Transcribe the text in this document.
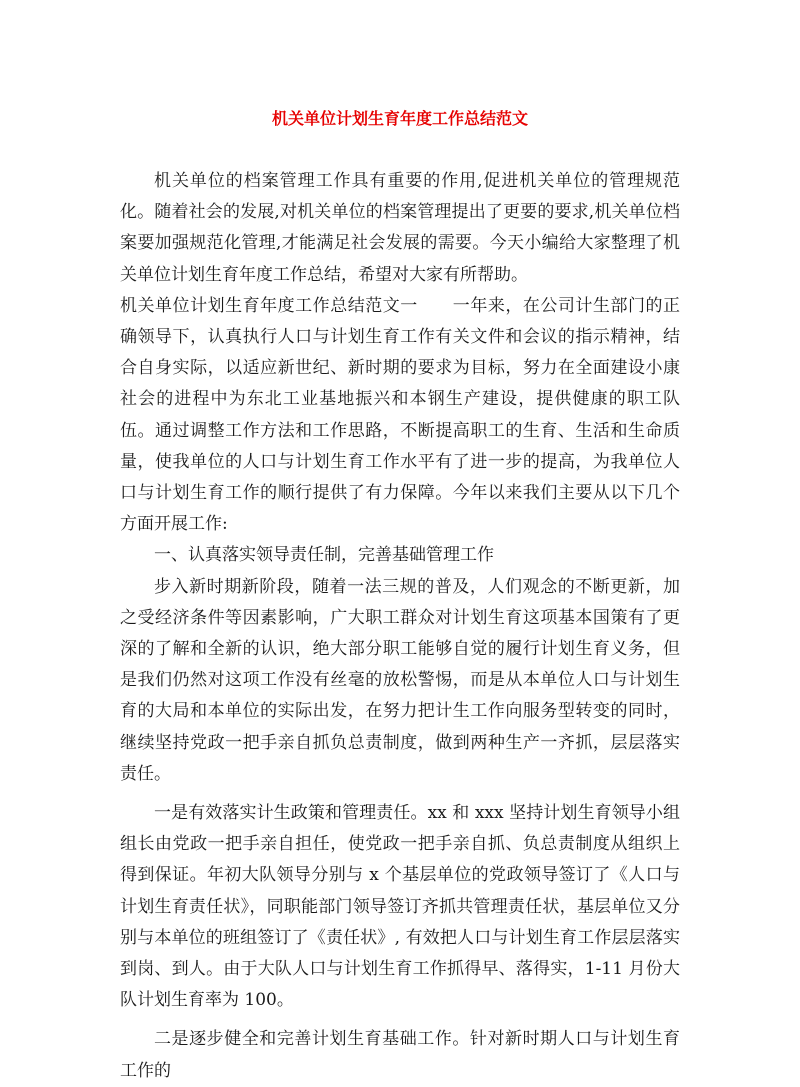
机关单位计划生育年度工作总结范文

机关单位的档案管理工作具有重要的作用,促进机关单位的管理规范化。随着社会的发展,对机关单位的档案管理提出了更要的要求,机关单位档案要加强规范化管理,才能满足社会发展的需要。今天小编给大家整理了机关单位计划生育年度工作总结，希望对大家有所帮助。

机关单位计划生育年度工作总结范文一　　一年来，在公司计生部门的正确领导下，认真执行人口与计划生育工作有关文件和会议的指示精神，结合自身实际，以适应新世纪、新时期的要求为目标，努力在全面建设小康社会的进程中为东北工业基地振兴和本钢生产建设，提供健康的职工队伍。通过调整工作方法和工作思路，不断提高职工的生育、生活和生命质量，使我单位的人口与计划生育工作水平有了进一步的提高，为我单位人口与计划生育工作的顺行提供了有力保障。今年以来我们主要从以下几个方面开展工作:

一、认真落实领导责任制，完善基础管理工作

步入新时期新阶段，随着一法三规的普及，人们观念的不断更新，加之受经济条件等因素影响，广大职工群众对计划生育这项基本国策有了更深的了解和全新的认识，绝大部分职工能够自觉的履行计划生育义务，但是我们仍然对这项工作没有丝毫的放松警惕，而是从本单位人口与计划生育的大局和本单位的实际出发，在努力把计生工作向服务型转变的同时，继续坚持党政一把手亲自抓负总责制度，做到两种生产一齐抓，层层落实责任。

一是有效落实计生政策和管理责任。xx 和 xxx 坚持计划生育领导小组组长由党政一把手亲自担任，使党政一把手亲自抓、负总责制度从组织上得到保证。年初大队领导分别与 x 个基层单位的党政领导签订了《人口与计划生育责任状》，同职能部门领导签订齐抓共管理责任状，基层单位又分别与本单位的班组签订了《责任状》, 有效把人口与计划生育工作层层落实到岗、到人。由于大队人口与计划生育工作抓得早、落得实，1-11 月份大队计划生育率为 100。

二是逐步健全和完善计划生育基础工作。针对新时期人口与计划生育工作的
